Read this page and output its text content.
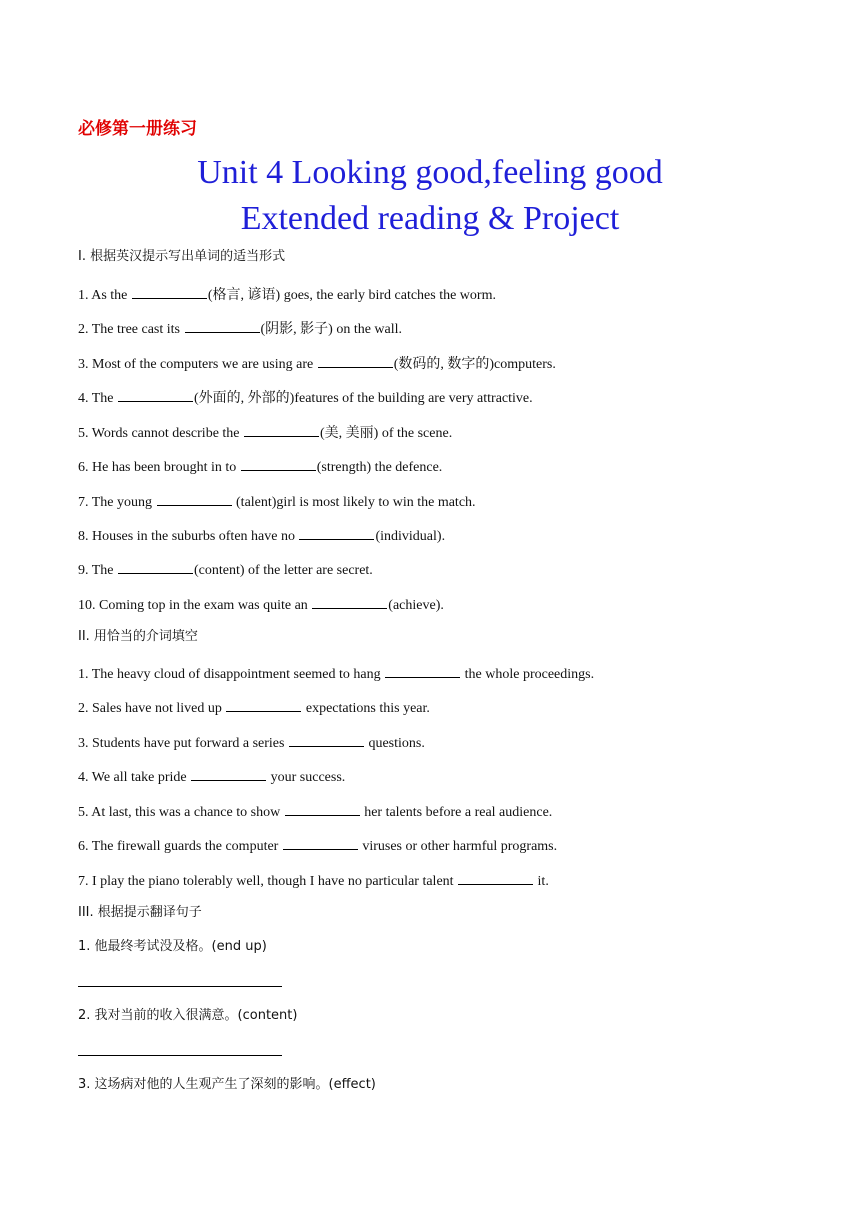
必修第一册练习
Unit 4 Looking good,feeling good
Extended reading & Project
I. 根据英汉提示写出单词的适当形式
1. As the	(格言, 谚语) goes, the early bird catches the worm.
2. The tree cast its	(阴影, 影子) on the wall.
3. Most of the computers we are using are	(数码的, 数字的)computers.
4. The	(外面的, 外部的)features of the building are very attractive.
5. Words cannot describe the	(美, 美丽) of the scene.
6. He has been brought in to	(strength) the defence.
7. The young	(talent)girl is most likely to win the match.
8. Houses in the suburbs often have no	(individual).
9. The	(content) of the letter are secret.
10. Coming top in the exam was quite an	(achieve).
II. 用恰当的介词填空
1. The heavy cloud of disappointment seemed to hang	the whole proceedings.
2. Sales have not lived up	expectations this year.
3. Students have put forward a series	questions.
4. We all take pride	your success.
5. At last, this was a chance to show	her talents before a real audience.
6. The firewall guards the computer	viruses or other harmful programs.
7. I play the piano tolerably well, though I have no particular talent	it.
III. 根据提示翻译句子
1. 他最终考试没及格。(end up)
2. 我对当前的收入很满意。(content)
3. 这场病对他的人生观产生了深刻的影响。(effect)
